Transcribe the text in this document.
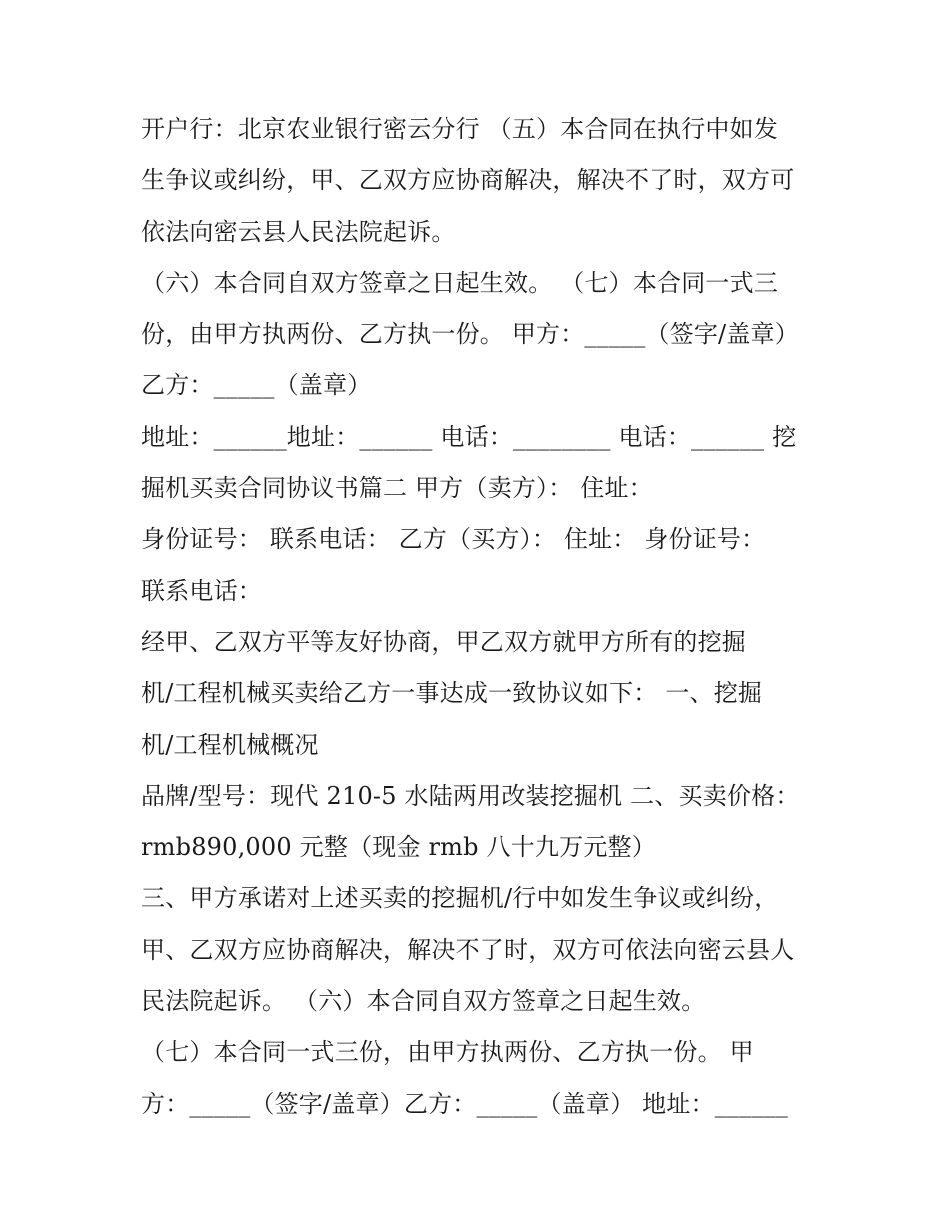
开户行：北京农业银行密云分行 （五）本合同在执行中如发
生争议或纠纷，甲、乙双方应协商解决，解决不了时，双方可
依法向密云县人民法院起诉。
（六）本合同自双方签章之日起生效。 （七）本合同一式三
份，由甲方执两份、乙方执一份。 甲方：_____（签字/盖章）
乙方：_____（盖章）
地址：______地址：______ 电话：________ 电话：______ 挖
掘机买卖合同协议书篇二 甲方（卖方）： 住址：
身份证号： 联系电话： 乙方（买方）： 住址： 身份证号：
联系电话：
经甲、乙双方平等友好协商，甲乙双方就甲方所有的挖掘
机/工程机械买卖给乙方一事达成一致协议如下： 一、挖掘
机/工程机械概况
品牌/型号：现代 210-5 水陆两用改装挖掘机 二、买卖价格：
rmb890,000 元整（现金 rmb 八十九万元整）
三、甲方承诺对上述买卖的挖掘机/行中如发生争议或纠纷，
甲、乙双方应协商解决，解决不了时，双方可依法向密云县人
民法院起诉。 （六）本合同自双方签章之日起生效。
（七）本合同一式三份，由甲方执两份、乙方执一份。 甲
方：_____（签字/盖章）乙方：_____（盖章） 地址：______
